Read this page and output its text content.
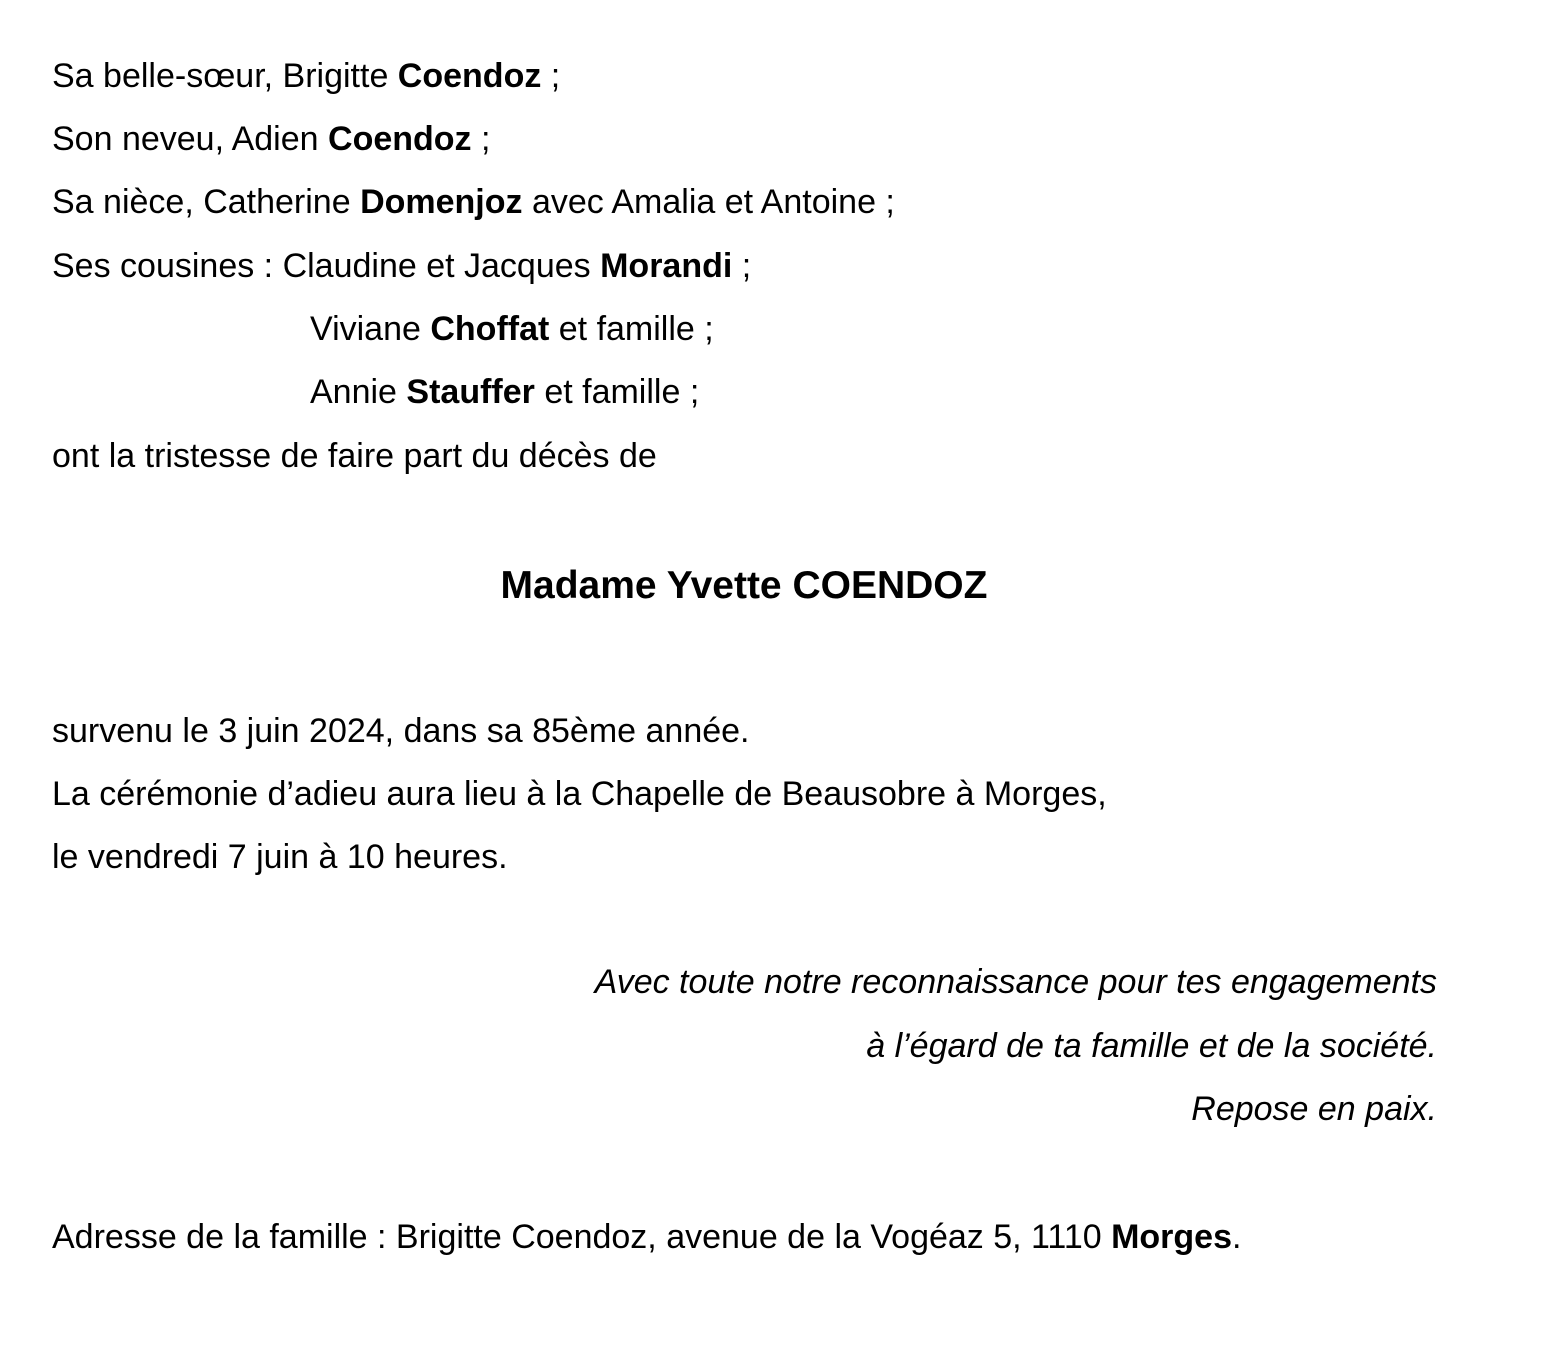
Sa belle-sœur, Brigitte Coendoz ;
Son neveu, Adien Coendoz ;
Sa nièce, Catherine Domenjoz avec Amalia et Antoine ;
Ses cousines : Claudine et Jacques Morandi ;
Viviane Choffat et famille ;
Annie Stauffer et famille ;
ont la tristesse de faire part du décès de
Madame Yvette COENDOZ
survenu le 3 juin 2024, dans sa 85ème année.
La cérémonie d’adieu aura lieu à la Chapelle de Beausobre à Morges,
le vendredi 7 juin à 10 heures.
Avec toute notre reconnaissance pour tes engagements
à l’égard de ta famille et de la société.
Repose en paix.
Adresse de la famille : Brigitte Coendoz, avenue de la Vogéaz 5, 1110 Morges.
